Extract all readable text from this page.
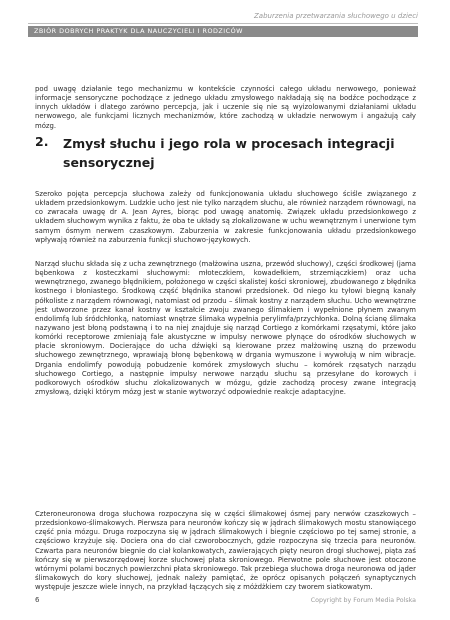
Zaburzenia przetwarzania słuchowego u dzieci
ZBIÓR DOBRYCH PRAKTYK DLA NAUCZYCIELI I RODZICÓW

pod uwagę działanie tego mechanizmu w kontekście czynności całego układu nerwowego, ponieważ informacje sensoryczne pochodzące z jednego układu zmysłowego nakładają się na bodźce pochodzące z innych układów i dlatego zarówno percepcja, jak i uczenie się nie są wyizolowanymi działaniami układu nerwowego, ale funkcjami licznych mechanizmów, które zachodzą w układzie nerwowym i angażują cały mózg.

2. Zmysł słuchu i jego rola w procesach integracji sensorycznej

Szeroko pojęta percepcja słuchowa zależy od funkcjonowania układu słuchowego ściśle związanego z układem przedsionkowym. Ludzkie ucho jest nie tylko narządem słuchu, ale również narządem równowagi, na co zwracała uwagę dr A. Jean Ayres, biorąc pod uwagę anatomię. Związek układu przedsionkowego z układem słuchowym wynika z faktu, że oba te układy są zlokalizowane w uchu wewnętrznym i unerwione tym samym ósmym nerwem czaszkowym. Zaburzenia w zakresie funkcjonowania układu przedsionkowego wpływają również na zaburzenia funkcji słuchowo-językowych.

Narząd słuchu składa się z ucha zewnętrznego (małżowina uszna, przewód słuchowy), części środkowej (jama bębenkowa z kosteczkami słuchowymi: młoteczkiem, kowadełkiem, strzemiączkiem) oraz ucha wewnętrznego, zwanego błędnikiem, położonego w części skalistej kości skroniowej, zbudowanego z błędnika kostnego i błoniastego. Środkową część błędnika stanowi przedsionek. Od niego ku tyłowi biegną kanały półkoliste z narządem równowagi, natomiast od przodu – ślimak kostny z narządem słuchu. Ucho wewnętrzne jest utworzone przez kanał kostny w kształcie zwoju zwanego ślimakiem i wypełnione płynem zwanym endolimfą lub śródchłonką, natomiast wnętrze ślimaka wypełnia perylimfa/przychłonka. Dolną ścianę ślimaka nazywano jest błoną podstawną i to na niej znajduje się narząd Cortiego z komórkami rzęsatymi, które jako komórki receptorowe zmieniają fale akustyczne w impulsy nerwowe płynące do ośrodków słuchowych w płacie skroniowym. Docierające do ucha dźwięki są kierowane przez małżowinę uszną do przewodu słuchowego zewnętrznego, wprawiają błonę bębenkową w drgania wymuszone i wywołują w nim wibracje. Drgania endolimfy powodują pobudzenie komórek zmysłowych słuchu – komórek rzęsatych narządu słuchowego Cortiego, a następnie impulsy nerwowe narządu słuchu są przesyłane do korowych i podkorowych ośrodków słuchu zlokalizowanych w mózgu, gdzie zachodzą procesy zwane integracją zmysłową, dzięki którym mózg jest w stanie wytworzyć odpowiednie reakcje adaptacyjne.

Czteroneuronowa droga słuchowa rozpoczyna się w części ślimakowej ósmej pary nerwów czaszkowych – przedsionkowo-ślimakowych. Pierwsza para neuronów kończy się w jądrach ślimakowych mostu stanowiącego część pnia mózgu. Druga rozpoczyna się w jądrach ślimakowych i biegnie częściowo po tej samej stronie, a częściowo krzyżuje się. Dociera ona do ciał czworobocznych, gdzie rozpoczyna się trzecia para neuronów. Czwarta para neuronów biegnie do ciał kolankowatych, zawierających pięty neuron drogi słuchowej, piąta zaś kończy się w pierwszorzędowej korze słuchowej płata skroniowego. Pierwotne pole słuchowe jest otoczone wtórnymi polami bocznych powierzchni płata skroniowego. Tak przebiega słuchowa droga neuronowa od jąder ślimakowych do kory słuchowej, jednak należy pamiętać, że oprócz opisanych połączeń synaptycznych występuje jeszcze wiele innych, na przykład łączących się z móżdżkiem czy tworem siatkowatym.

6	Copyright by Forum Media Polska
